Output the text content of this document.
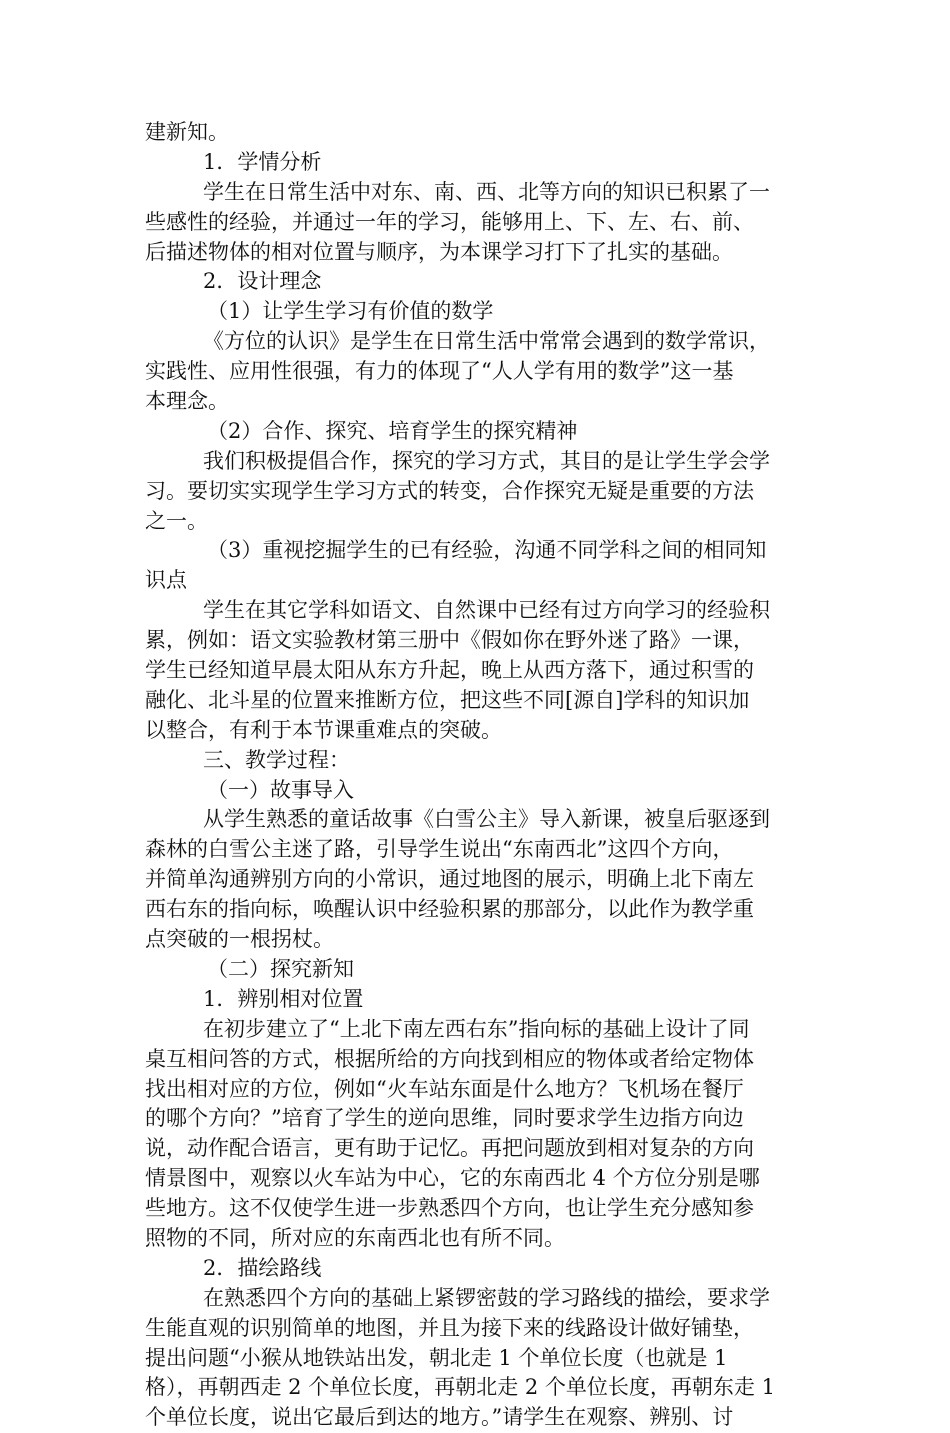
建新知。
1．学情分析
学生在日常生活中对东、南、西、北等方向的知识已积累了一
些感性的经验，并通过一年的学习，能够用上、下、左、右、前、
后描述物体的相对位置与顺序，为本课学习打下了扎实的基础。
2．设计理念
（1）让学生学习有价值的数学
《方位的认识》是学生在日常生活中常常会遇到的数学常识，
实践性、应用性很强，有力的体现了“人人学有用的数学”这一基
本理念。
（2）合作、探究、培育学生的探究精神
我们积极提倡合作，探究的学习方式，其目的是让学生学会学
习。要切实实现学生学习方式的转变，合作探究无疑是重要的方法
之一。
（3）重视挖掘学生的已有经验，沟通不同学科之间的相同知
识点
学生在其它学科如语文、自然课中已经有过方向学习的经验积
累，例如：语文实验教材第三册中《假如你在野外迷了路》一课，
学生已经知道早晨太阳从东方升起，晚上从西方落下，通过积雪的
融化、北斗星的位置来推断方位，把这些不同[源自]学科的知识加
以整合，有利于本节课重难点的突破。
三、教学过程：
（一）故事导入
从学生熟悉的童话故事《白雪公主》导入新课，被皇后驱逐到
森林的白雪公主迷了路，引导学生说出“东南西北”这四个方向，
并简单沟通辨别方向的小常识，通过地图的展示，明确上北下南左
西右东的指向标，唤醒认识中经验积累的那部分，以此作为教学重
点突破的一根拐杖。
（二）探究新知
1．辨别相对位置
在初步建立了“上北下南左西右东”指向标的基础上设计了同
桌互相问答的方式，根据所给的方向找到相应的物体或者给定物体
找出相对应的方位，例如“火车站东面是什么地方？飞机场在餐厅
的哪个方向？”培育了学生的逆向思维，同时要求学生边指方向边
说，动作配合语言，更有助于记忆。再把问题放到相对复杂的方向
情景图中，观察以火车站为中心，它的东南西北 4 个方位分别是哪
些地方。这不仅使学生进一步熟悉四个方向，也让学生充分感知参
照物的不同，所对应的东南西北也有所不同。
2．描绘路线
在熟悉四个方向的基础上紧锣密鼓的学习路线的描绘，要求学
生能直观的识别简单的地图，并且为接下来的线路设计做好铺垫，
提出问题“小猴从地铁站出发，朝北走 1 个单位长度（也就是 1
格），再朝西走 2 个单位长度，再朝北走 2 个单位长度，再朝东走 1
个单位长度，说出它最后到达的地方。”请学生在观察、辨别、讨
